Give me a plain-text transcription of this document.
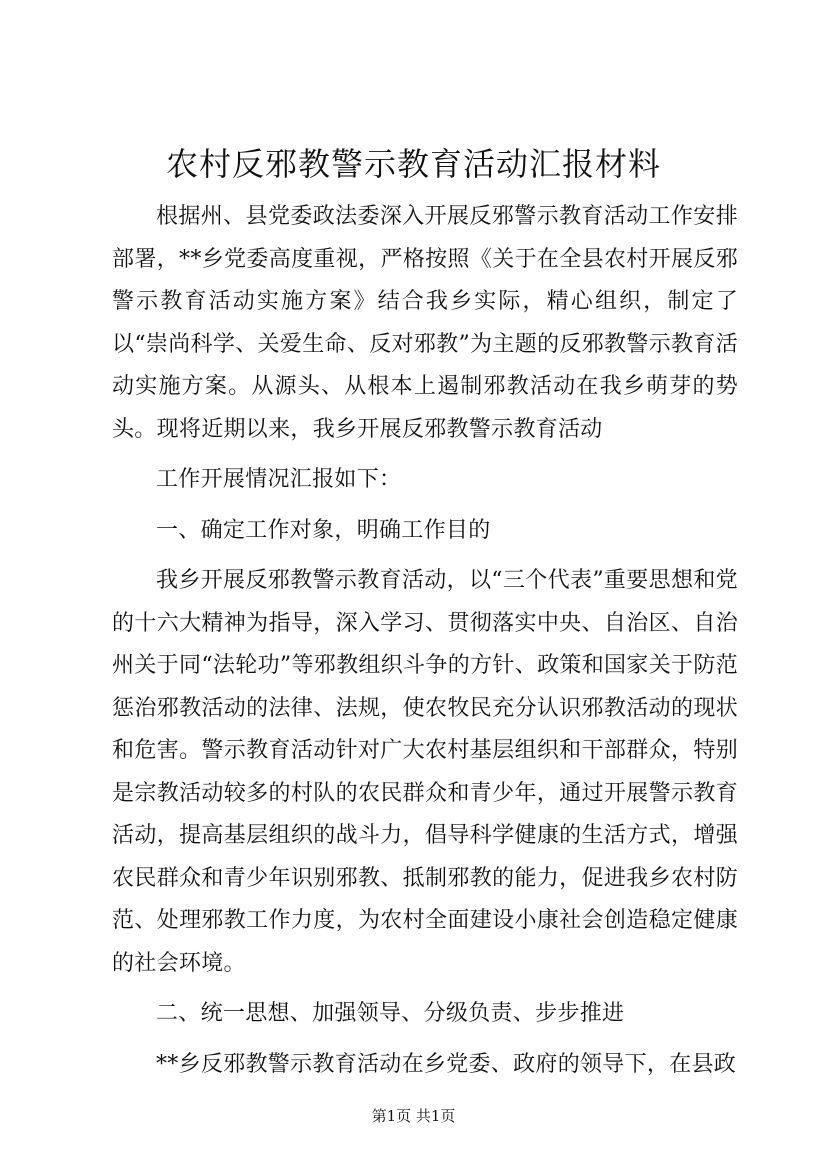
农村反邪教警示教育活动汇报材料

根据州、县党委政法委深入开展反邪警示教育活动工作安排部署，**乡党委高度重视，严格按照《关于在全县农村开展反邪警示教育活动实施方案》结合我乡实际，精心组织，制定了以“崇尚科学、关爱生命、反对邪教”为主题的反邪教警示教育活动实施方案。从源头、从根本上遏制邪教活动在我乡萌芽的势头。现将近期以来，我乡开展反邪教警示教育活动

工作开展情况汇报如下：

一、确定工作对象，明确工作目的

我乡开展反邪教警示教育活动，以“三个代表”重要思想和党的十六大精神为指导，深入学习、贯彻落实中央、自治区、自治州关于同“法轮功”等邪教组织斗争的方针、政策和国家关于防范惩治邪教活动的法律、法规，使农牧民充分认识邪教活动的现状和危害。警示教育活动针对广大农村基层组织和干部群众，特别是宗教活动较多的村队的农民群众和青少年，通过开展警示教育活动，提高基层组织的战斗力，倡导科学健康的生活方式，增强农民群众和青少年识别邪教、抵制邪教的能力，促进我乡农村防范、处理邪教工作力度，为农村全面建设小康社会创造稳定健康的社会环境。

二、统一思想、加强领导、分级负责、步步推进

**乡反邪教警示教育活动在乡党委、政府的领导下，在县政

第1页 共1页
